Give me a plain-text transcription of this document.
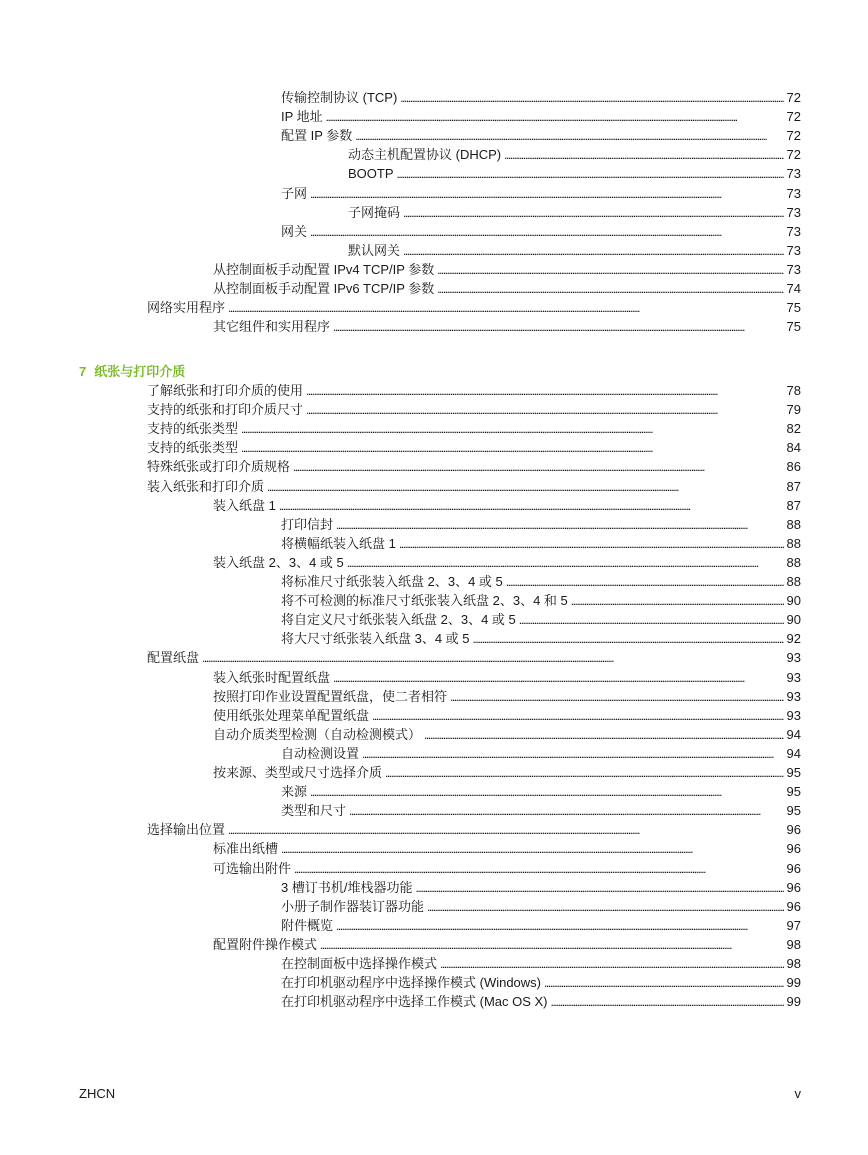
传输控制协议 (TCP) . . .	72
IP 地址 . . .	72
配置 IP 参数 . . .	72
动态主机配置协议 (DHCP) . . .	72
BOOTP . . .	73
子网 . . .	73
子网掩码 . . .	73
网关 . . .	73
默认网关 . . .	73
从控制面板手动配置 IPv4 TCP/IP 参数 . . .	73
从控制面板手动配置 IPv6 TCP/IP 参数 . . .	74
网络实用程序 . . .	75
其它组件和实用程序 . . .	75
7 纸张与打印介质
了解纸张和打印介质的使用 . . .	78
支持的纸张和打印介质尺寸 . . .	79
支持的纸张类型 . . .	82
支持的纸张类型 . . .	84
特殊纸张或打印介质规格 . . .	86
装入纸张和打印介质 . . .	87
装入纸盘 1 . . .	87
打印信封 . . .	88
将横幅纸装入纸盘 1 . . .	88
装入纸盘 2、3、4 或 5 . . .	88
将标准尺寸纸张装入纸盘 2、3、4 或 5 . . .	88
将不可检测的标准尺寸纸张装入纸盘 2、3、4 和 5 . . .	90
将自定义尺寸纸张装入纸盘 2、3、4 或 5 . . .	90
将大尺寸纸张装入纸盘 3、4 或 5 . . .	92
配置纸盘 . . .	93
装入纸张时配置纸盘 . . .	93
按照打印作业设置配置纸盘，使二者相符 . . .	93
使用纸张处理菜单配置纸盘 . . .	93
自动介质类型检测（自动检测模式） . . .	94
自动检测设置 . . .	94
按来源、类型或尺寸选择介质 . . .	95
来源 . . .	95
类型和尺寸 . . .	95
选择输出位置 . . .	96
标准出纸槽 . . .	96
可选输出附件 . . .	96
3 槽订书机/堆栈器功能 . . .	96
小册子制作器装订器功能 . . .	96
附件概览 . . .	97
配置附件操作模式 . . .	98
在控制面板中选择操作模式 . . .	98
在打印机驱动程序中选择操作模式 (Windows) . . .	99
在打印机驱动程序中选择工作模式 (Mac OS X) . . .	99
ZHCN	v
